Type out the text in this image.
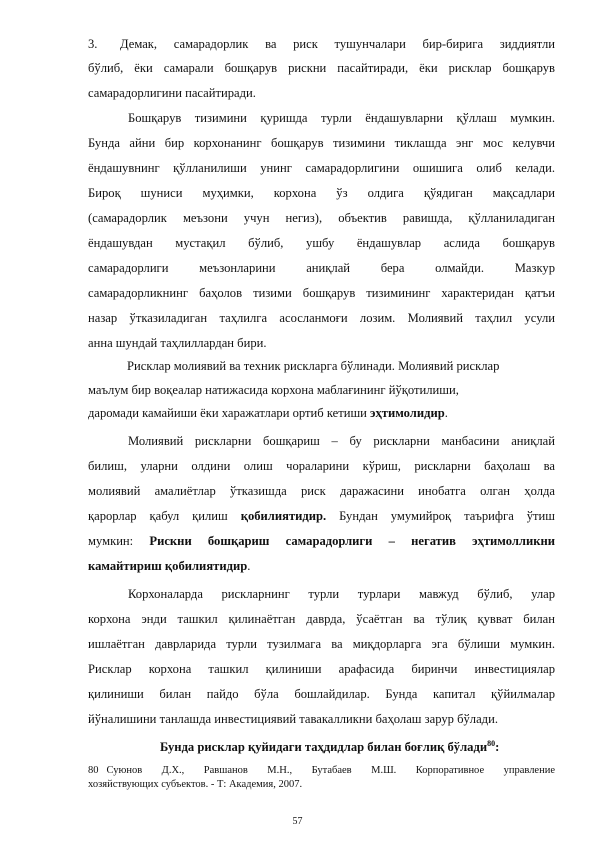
3. Демак, самарадорлик ва риск тушунчалари бир-бирига зиддиятли
бўлиб, ёки самарали бошқарув рискни пасайтиради, ёки рисклар бошқарув
самарадорлигини пасайтиради.
Бошқарув тизимини қуришда турли ёндашувларни қўллаш мумкин.
Бунда айни бир корхонанинг бошқарув тизимини тиклашда энг мос келувчи
ёндашувнинг қўлланилиши унинг самарадорлигини ошишига олиб келади.
Бироқ шуниси муҳимки, корхона ўз олдига қўядиган мақсадлари
(самарадорлик меъзони учун негиз), объектив равишда, қўлланиладиган
ёндашувдан мустақил бўлиб, ушбу ёндашувлар аслида бошқарув
самарадорлиги меъзонларини аниқлай бера олмайди. Мазкур
самарадорликнинг баҳолов тизими бошқарув тизимининг характеридан қатъи
назар ўтказиладиган таҳлилга асосланмоғи лозим. Молиявий таҳлил усули
анна шундай таҳлиллардан бири.
Рисклар молиявий ва техник рискларга бўлинади. Молиявий рисклар
маълум бир воқеалар натижасида корхона маблағининг йўқотилиши,
даромади камайиши ёки харажатлари ортиб кетиши эҳтимолидир.
Молиявий рискларни бошқариш – бу рискларни манбасини аниқлай
билиш, уларни олдини олиш чораларини кўриш, рискларни баҳолаш ва
молиявий амалиётлар ўтказишда риск даражасини инобатга олган ҳолда
қарорлар қабул қилиш қобилиятидир. Бундан умумийроқ таърифга ўтиш
мумкин: Рискни бошқариш самарадорлиги – негатив эҳтимолликни
камайтириш қобилиятидир.
Корхоналарда рискларнинг турли турлари мавжуд бўлиб, улар
корхона энди ташкил қилинаётган даврда, ўсаётган ва тўлиқ қувват билан
ишлаётган даврларида турли тузилмага ва миқдорларга эга бўлиши мумкин.
Рисклар корхона ташкил қилиниши арафасида биринчи инвестициялар
қилиниши билан пайдо бўла бошлайдилар. Бунда капитал қўйилмалар
йўналишини танлашда инвестициявий тавакалликни баҳолаш зарур бўлади.
Бунда рисклар қуйидаги таҳдидлар билан боғлиқ бўлади$^{80}$:
80 Суюнов Д.Х., Равшанов М.Н., Бутабаев М.Ш. Корпоративное управление
хозяйствующих субъектов. - Т: Академия, 2007.
57
